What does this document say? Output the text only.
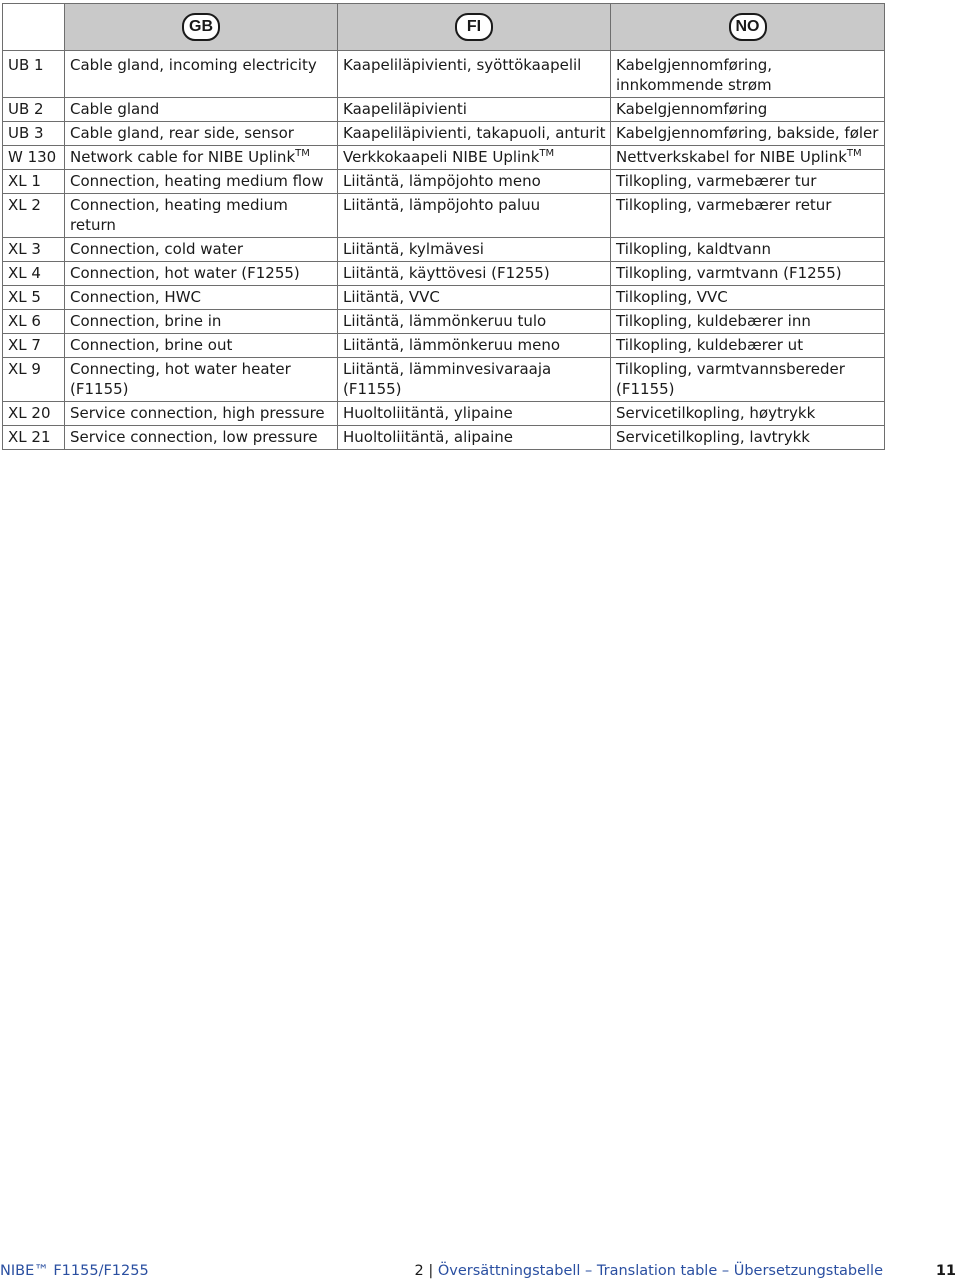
	GB	FI	NO
UB 1	Cable gland, incoming electricity	Kaapeliläpivienti, syöttökaapelil	Kabelgjennomføring, innkommende strøm
UB 2	Cable gland	Kaapeliläpivienti	Kabelgjennomføring
UB 3	Cable gland, rear side, sensor	Kaapeliläpivienti, takapuoli, anturit	Kabelgjennomføring, bakside, føler
W 130	Network cable for NIBE Uplink™	Verkkokaapeli NIBE Uplink™	Nettverkskabel for NIBE Uplink™
XL 1	Connection, heating medium flow	Liitäntä, lämpöjohto meno	Tilkopling, varmebærer tur
XL 2	Connection, heating medium return	Liitäntä, lämpöjohto paluu	Tilkopling, varmebærer retur
XL 3	Connection, cold water	Liitäntä, kylmävesi	Tilkopling, kaldtvann
XL 4	Connection, hot water (F1255)	Liitäntä, käyttövesi (F1255)	Tilkopling, varmtvann (F1255)
XL 5	Connection, HWC	Liitäntä, VVC	Tilkopling, VVC
XL 6	Connection, brine in	Liitäntä, lämmönkeruu tulo	Tilkopling, kuldebærer inn
XL 7	Connection, brine out	Liitäntä, lämmönkeruu meno	Tilkopling, kuldebærer ut
XL 9	Connecting, hot water heater (F1155)	Liitäntä, lämminvesivaraaja (F1155)	Tilkopling, varmtvannsbereder (F1155)
XL 20	Service connection, high pressure	Huoltoliitäntä, ylipaine	Servicetilkopling, høytrykk
XL 21	Service connection, low pressure	Huoltoliitäntä, alipaine	Servicetilkopling, lavtrykk
NIBE™ F1155/F1255	2 | Översättningstabell – Translation table – Übersetzungstabelle	11
